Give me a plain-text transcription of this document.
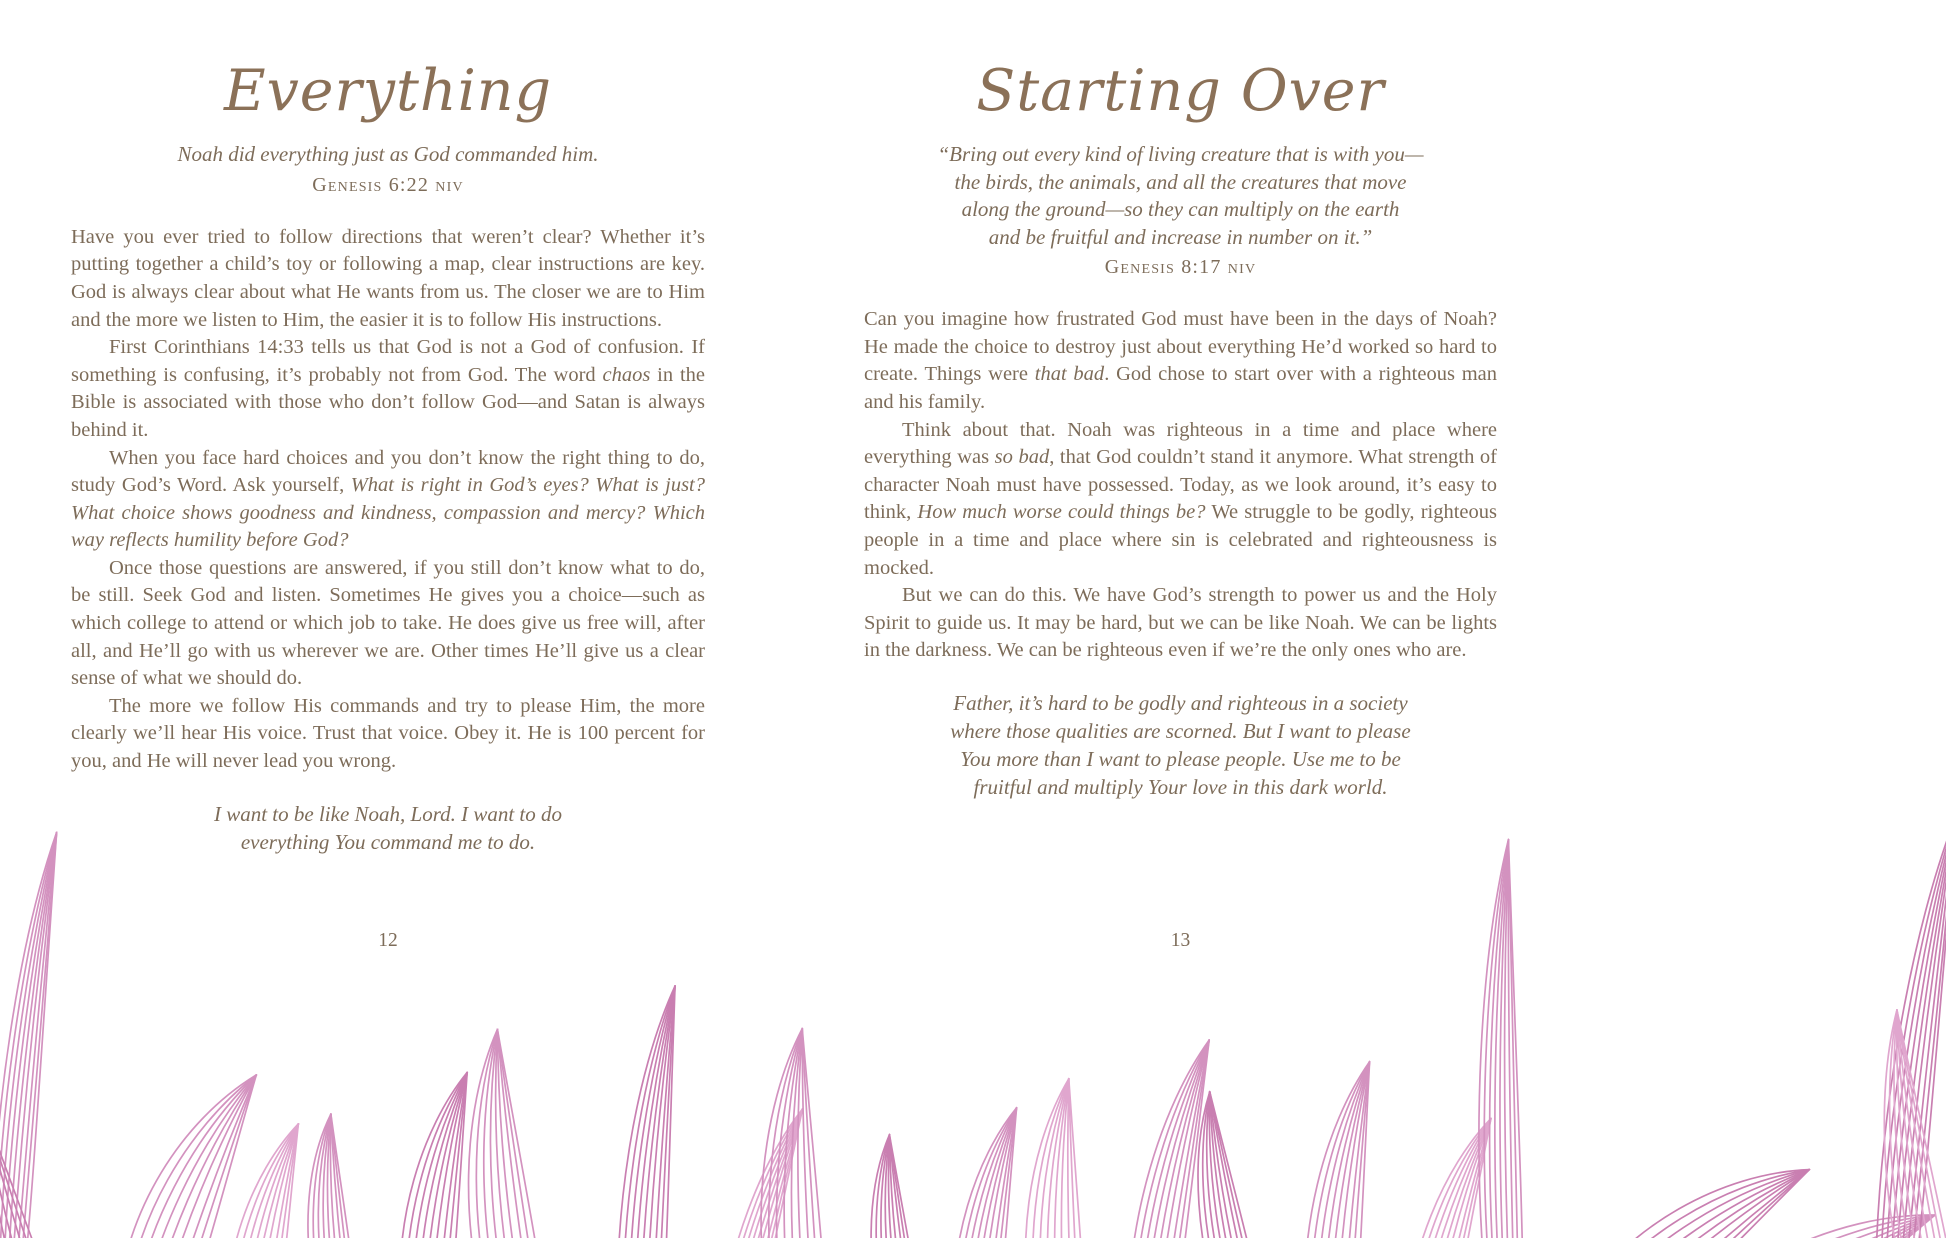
Everything

Noah did everything just as God commanded him.

Genesis 6:22 niv

Have you ever tried to follow directions that weren’t clear? Whether it’s putting together a child’s toy or following a map, clear instructions are key. God is always clear about what He wants from us. The closer we are to Him and the more we listen to Him, the easier it is to follow His instructions.

First Corinthians 14:33 tells us that God is not a God of confusion. If something is confusing, it’s probably not from God. The word chaos in the Bible is associated with those who don’t follow God—and Satan is always behind it.

When you face hard choices and you don’t know the right thing to do, study God’s Word. Ask yourself, What is right in God’s eyes? What is just? What choice shows goodness and kindness, compassion and mercy? Which way reflects humility before God?

Once those questions are answered, if you still don’t know what to do, be still. Seek God and listen. Sometimes He gives you a choice—such as which college to attend or which job to take. He does give us free will, after all, and He’ll go with us wherever we are. Other times He’ll give us a clear sense of what we should do.

The more we follow His commands and try to please Him, the more clearly we’ll hear His voice. Trust that voice. Obey it. He is 100 percent for you, and He will never lead you wrong.

I want to be like Noah, Lord. I want to do
everything You command me to do.

12

Starting Over

“Bring out every kind of living creature that is with you—
the birds, the animals, and all the creatures that move
along the ground—so they can multiply on the earth
and be fruitful and increase in number on it.”

Genesis 8:17 niv

Can you imagine how frustrated God must have been in the days of Noah? He made the choice to destroy just about everything He’d worked so hard to create. Things were that bad. God chose to start over with a righteous man and his family.

Think about that. Noah was righteous in a time and place where everything was so bad, that God couldn’t stand it anymore. What strength of character Noah must have possessed. Today, as we look around, it’s easy to think, How much worse could things be? We struggle to be godly, righteous people in a time and place where sin is celebrated and righteousness is mocked.

But we can do this. We have God’s strength to power us and the Holy Spirit to guide us. It may be hard, but we can be like Noah. We can be lights in the darkness. We can be righteous even if we’re the only ones who are.

Father, it’s hard to be godly and righteous in a society
where those qualities are scorned. But I want to please
You more than I want to please people. Use me to be
fruitful and multiply Your love in this dark world.

13
